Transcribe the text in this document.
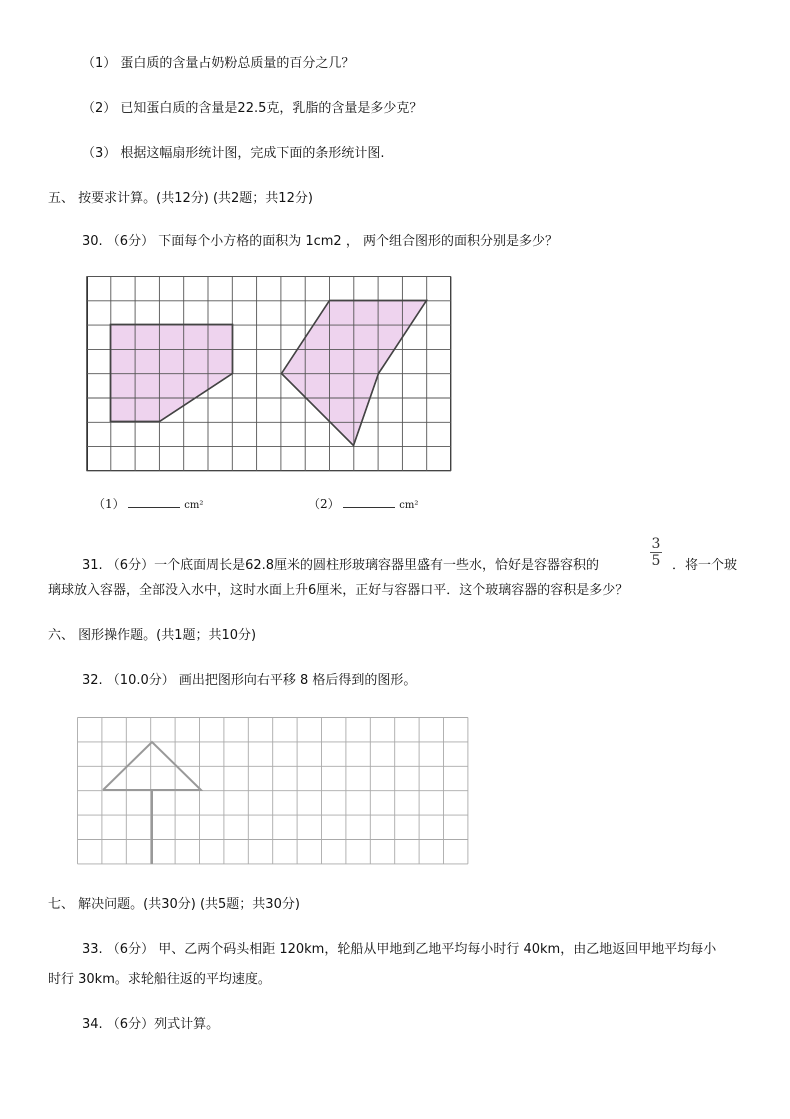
（1） 蛋白质的含量占奶粉总质量的百分之几？
（2） 已知蛋白质的含量是22.5克，乳脂的含量是多少克？
（3） 根据这幅扇形统计图，完成下面的条形统计图.
五、 按要求计算。(共12分) (共2题；共12分)
30. （6分） 下面每个小方格的面积为 1cm2 ， 两个组合图形的面积分别是多少？
（1）	cm²	（2）	cm²
31. （6分）一个底面周长是62.8厘米的圆柱形玻璃容器里盛有一些水，恰好是容器容积的
3
5 ．将一个玻
璃球放入容器，全部没入水中，这时水面上升6厘米，正好与容器口平．这个玻璃容器的容积是多少？
六、 图形操作题。(共1题；共10分)
32. （10.0分） 画出把图形向右平移 8 格后得到的图形。
七、 解决问题。(共30分) (共5题；共30分)
33. （6分） 甲、乙两个码头相距 120km，轮船从甲地到乙地平均每小时行 40km，由乙地返回甲地平均每小
时行 30km。求轮船往返的平均速度。
34. （6分）列式计算。
